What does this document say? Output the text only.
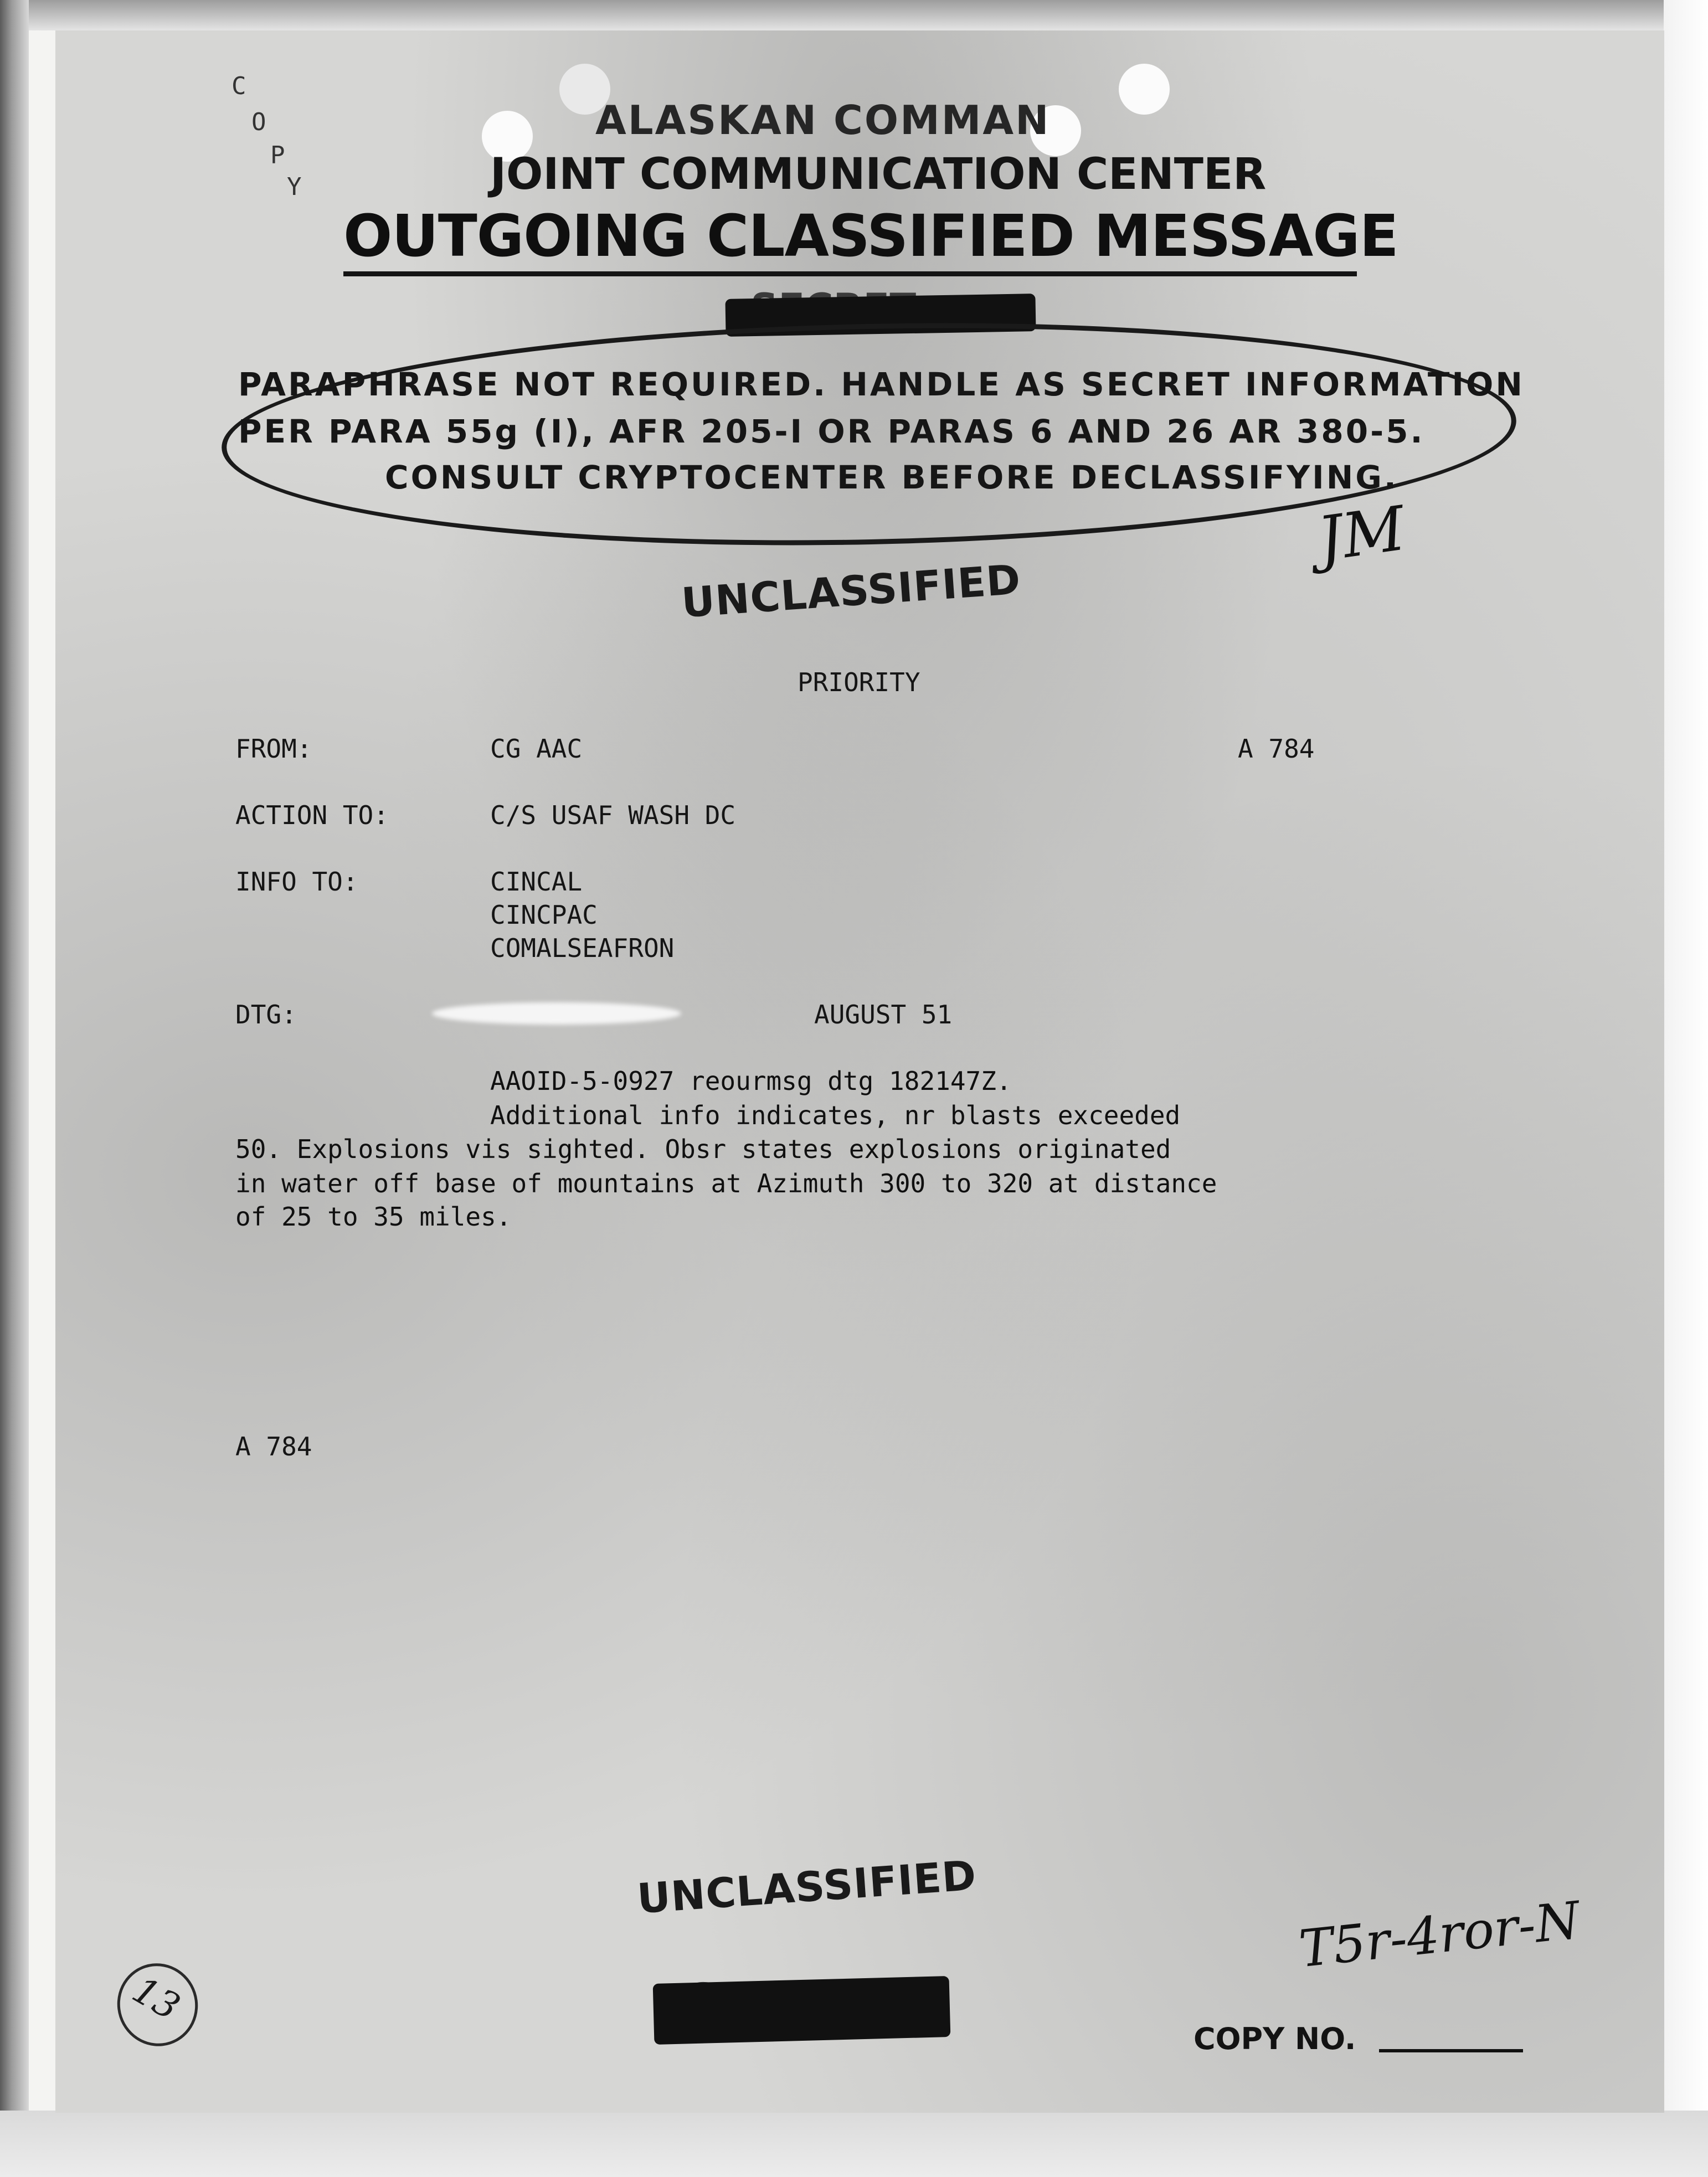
C
O
P
Y
ALASKAN COMMAN
JOINT COMMUNICATION CENTER
OUTGOING CLASSIFIED MESSAGE
PARAPHRASE NOT REQUIRED. HANDLE AS SECRET INFORMATION
PER PARA 55g (I), AFR 205-I OR PARAS 6 AND 26 AR 380-5.
CONSULT CRYPTOCENTER BEFORE DECLASSIFYING.
JM
UNCLASSIFIED
PRIORITY
FROM:	CG AAC	A 784
ACTION TO:	C/S USAF WASH DC
INFO TO:	CINCAL
CINCPAC
COMALSEAFRON
DTG:	AUGUST 51
AAOID-5-0927 reourmsg dtg 182147Z.
Additional info indicates, nr blasts exceeded
50. Explosions vis sighted. Obsr states explosions originated
in water off base of mountains at Azimuth 300 to 320 at distance
of 25 to 35 miles.
A 784
UNCLASSIFIED
T5r-4ror-N
COPY NO.
13
